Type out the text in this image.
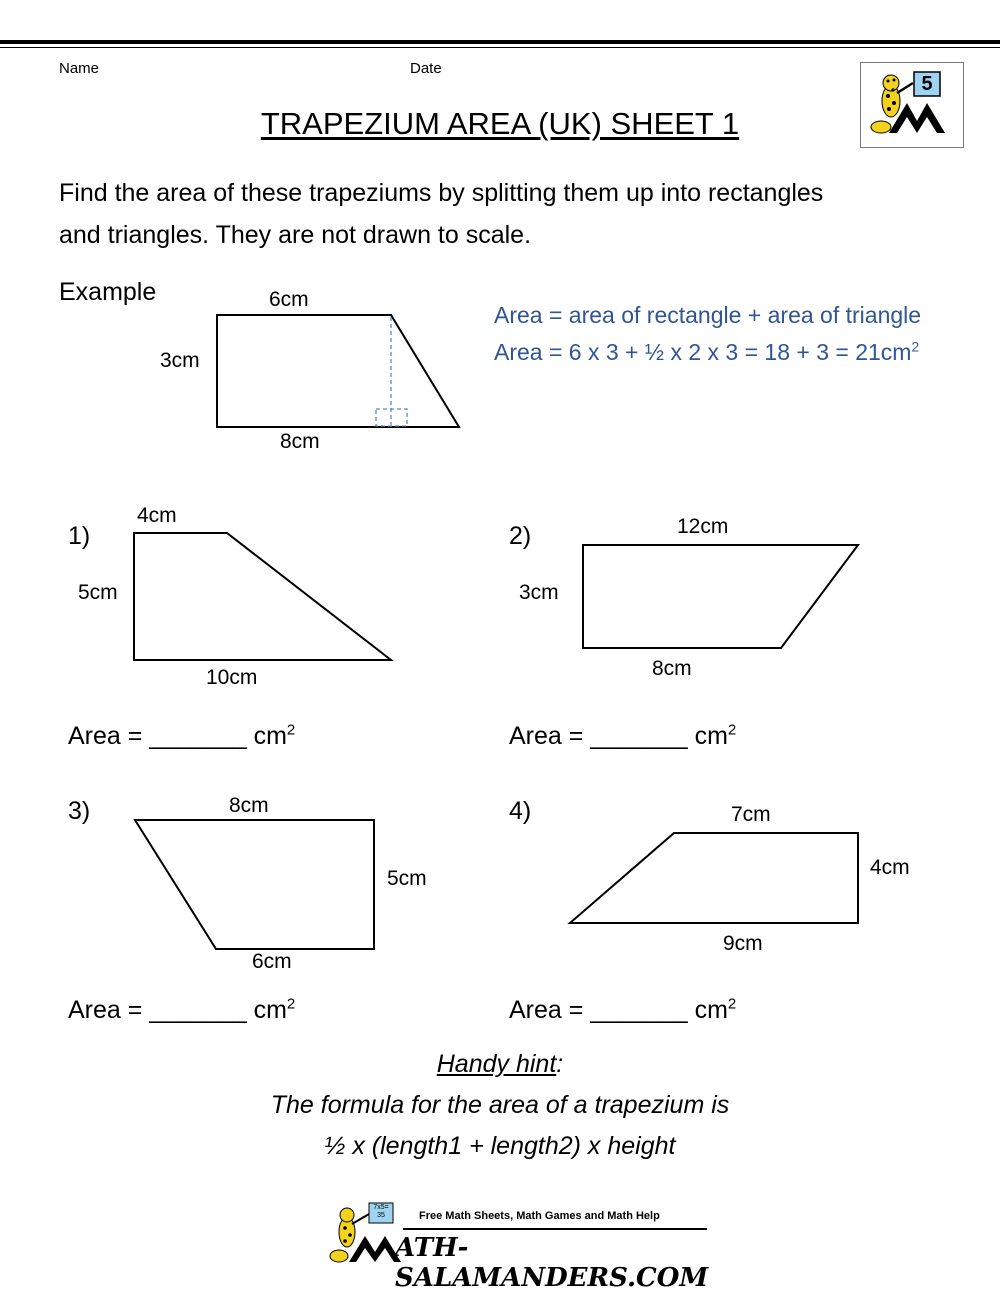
Name	Date
5
TRAPEZIUM AREA (UK) SHEET 1
Find the area of these trapeziums by splitting them up into rectangles
and triangles. They are not drawn to scale.
Example	6cm
3cm
8cm
Area = area of rectangle + area of triangle
Area = 6 x 3 + ½ x 2 x $3 = 18 + 3 = 21cm^2$
1)
4cm
5cm
10cm
Area = _______ $cm^2$
2)	12cm
3cm
8cm
Area = _______ $cm^2$
3)	8cm
5cm
6cm
Area = _______ $cm^2$
4)	7cm
4cm
9cm
Area = _______ $cm^2$
Handy hint:
The formula for the area of a trapezium is
½ x (length1 + length2) x height
7x5= 35	Free Math Sheets, Math Games and Math Help
ATH-SALAMANDERS.COM
